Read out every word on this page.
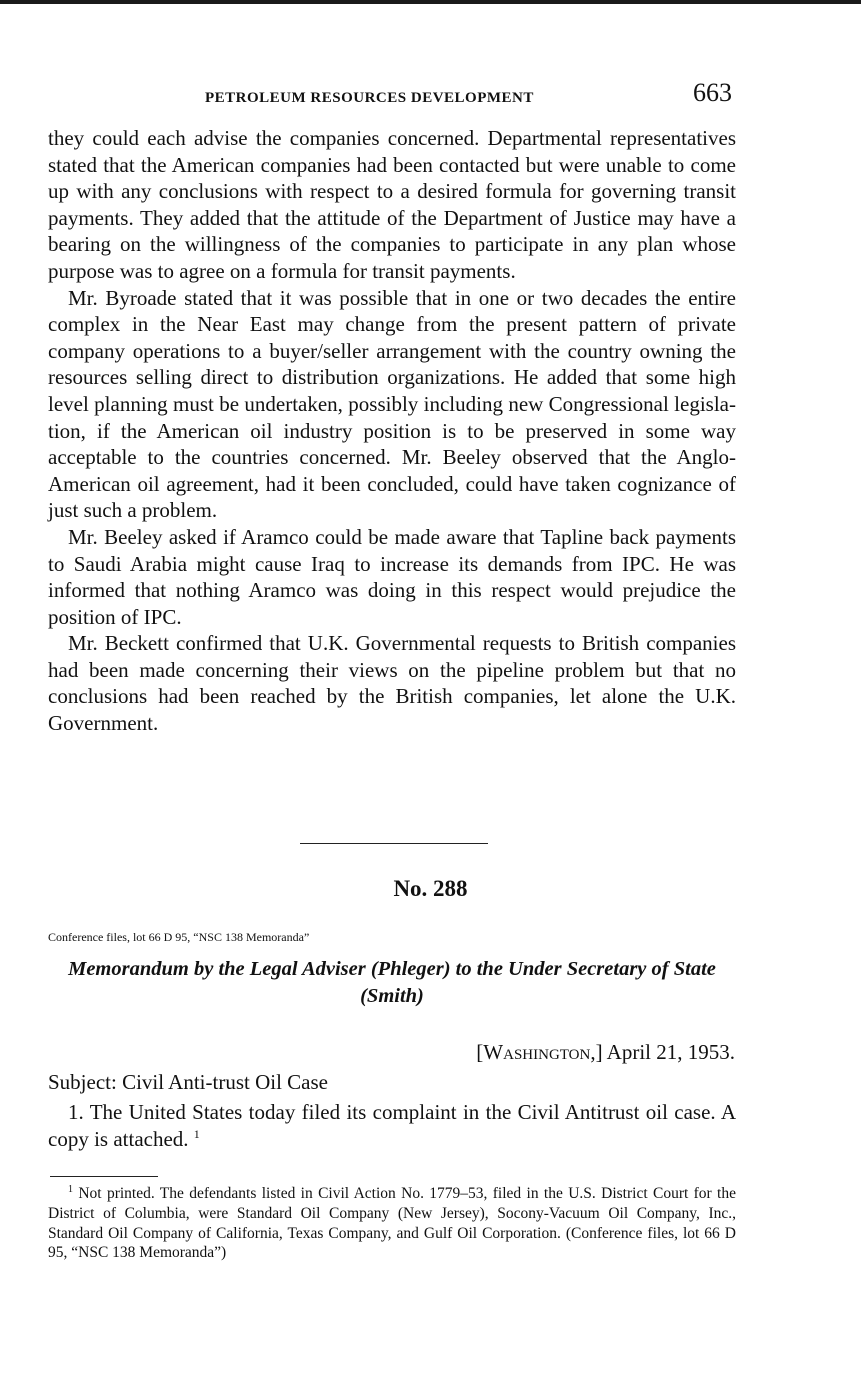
PETROLEUM RESOURCES DEVELOPMENT	663

they could each advise the companies concerned. Departmental representatives stated that the American companies had been contacted but were unable to come up with any conclusions with respect to a desired formula for governing transit payments. They added that the attitude of the Department of Justice may have a bearing on the willingness of the companies to participate in any plan whose purpose was to agree on a formula for transit payments.

Mr. Byroade stated that it was possible that in one or two decades the entire complex in the Near East may change from the present pattern of private company operations to a buyer/seller arrangement with the country owning the resources selling direct to distribution organizations. He added that some high level planning must be undertaken, possibly including new Congressional legislation, if the American oil industry position is to be preserved in some way acceptable to the countries concerned. Mr. Beeley observed that the Anglo-American oil agreement, had it been concluded, could have taken cognizance of just such a problem.

Mr. Beeley asked if Aramco could be made aware that Tapline back payments to Saudi Arabia might cause Iraq to increase its demands from IPC. He was informed that nothing Aramco was doing in this respect would prejudice the position of IPC.

Mr. Beckett confirmed that U.K. Governmental requests to British companies had been made concerning their views on the pipeline problem but that no conclusions had been reached by the British companies, let alone the U.K. Government.

No. 288
Conference files, lot 66 D 95, “NSC 138 Memoranda”
Memorandum by the Legal Adviser (Phleger) to the Under Secretary of State (Smith)
[Washington,] April 21, 1953.
Subject: Civil Anti-trust Oil Case

1. The United States today filed its complaint in the Civil Antitrust oil case. A copy is attached. $^1$

$^1$ Not printed. The defendants listed in Civil Action No. 1779–53, filed in the U.S. District Court for the District of Columbia, were Standard Oil Company (New Jersey), Socony-Vacuum Oil Company, Inc., Standard Oil Company of California, Texas Company, and Gulf Oil Corporation. (Conference files, lot 66 D 95, “NSC 138 Memoranda”)
